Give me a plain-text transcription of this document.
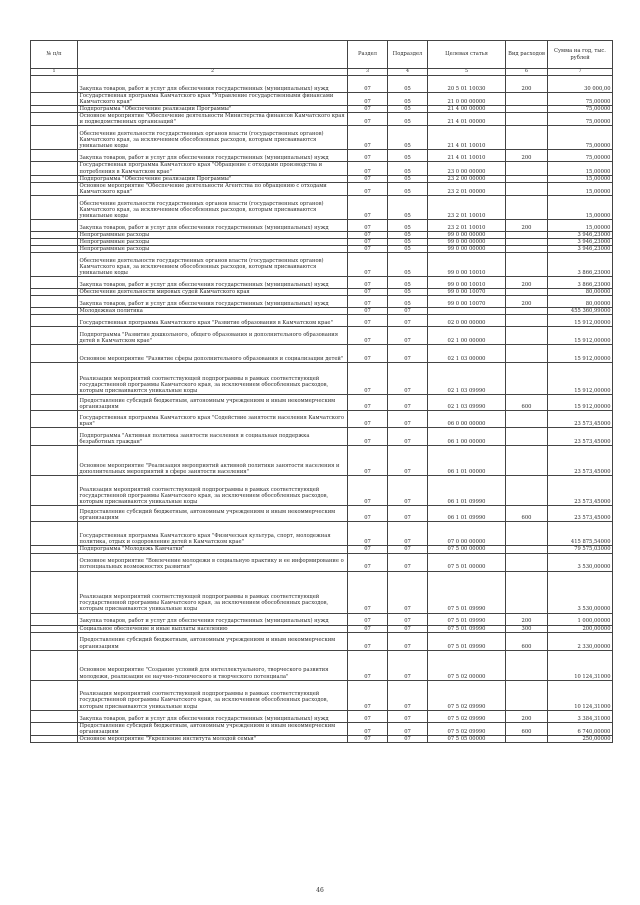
№ п/п		Раздел	Подраздел	Целевая статья	Вид расходов	Сумма на год, тыс. рублей
1	2	3	4	5	6	7
	Закупка товаров, работ и услуг для обеспечения государственных (муниципальных) нужд	07	05	20 5 01 10030	200	30 000,00
	Государственная программа Камчатского края "Управление государственными финансами Камчатского края"	07	05	21 0 00 00000		75,00000
	Подпрограмма "Обеспечение реализации Программы"	07	05	21 4 00 00000		75,00000
	Основное мероприятие "Обеспечение деятельности Министерства финансов Камчатского края и подведомственных организаций"	07	05	21 4 01 00000		75,00000
	Обеспечение деятельности государственных органов власти (государственных органов) Камчатского края, за исключением обособленных расходов, которым присваиваются уникальные коды	07	05	21 4 01 10010		75,00000
	Закупка товаров, работ и услуг для обеспечения государственных (муниципальных) нужд	07	05	21 4 01 10010	200	75,00000
	Государственная программа Камчатского края "Обращение с отходами производства и потребления в Камчатском крае"	07	05	23 0 00 00000		15,00000
	Подпрограмма "Обеспечение реализации Программы"	07	05	23 2 00 00000		15,00000
	Основное мероприятие "Обеспечение деятельности Агентства по обращению с отходами Камчатского края"	07	05	23 2 01 00000		15,00000
	Обеспечение деятельности государственных органов власти (государственных органов) Камчатского края, за исключением обособленных расходов, которым присваиваются уникальные коды	07	05	23 2 01 10010		15,00000
	Закупка товаров, работ и услуг для обеспечения государственных (муниципальных) нужд	07	05	23 2 01 10010	200	15,00000
	Непрограммные расходы	07	05	99 0 00 00000		3 946,23000
	Непрограммные расходы	07	05	99 0 00 00000		3 946,23000
	Непрограммные расходы	07	05	99 0 00 00000		3 946,23000
	Обеспечение деятельности государственных органов власти (государственных органов) Камчатского края, за исключением обособленных расходов, которым присваиваются уникальные коды	07	05	99 0 00 10010		3 866,23000
	Закупка товаров, работ и услуг для обеспечения государственных (муниципальных) нужд	07	05	99 0 00 10010	200	3 866,23000
	Обеспечение деятельности мировых судей Камчатского края	07	05	99 0 00 10070		80,00000
	Закупка товаров, работ и услуг для обеспечения государственных (муниципальных) нужд	07	05	99 0 00 10070	200	80,00000
	Молодежная политика	07	07			455 360,99000
	Государственная программа Камчатского края "Развитие образования в Камчатском крае"	07	07	02 0 00 00000		15 912,00000
	Подпрограмма "Развитие дошкольного, общего образования и дополнительного образования детей в Камчатском крае"	07	07	02 1 00 00000		15 912,00000
	Основное мероприятие "Развитие сферы дополнительного образования и социализации детей"	07	07	02 1 03 00000		15 912,00000
	Реализация мероприятий соответствующей подпрограммы в рамках соответствующей государственной программы Камчатского края, за исключением обособленных расходов, которым присваиваются уникальные коды	07	07	02 1 03 09990		15 912,00000
	Предоставление субсидий бюджетным, автономным учреждениям и иным некоммерческим организациям	07	07	02 1 03 09990	600	15 912,00000
	Государственная программа Камчатского края "Содействие занятости населения Камчатского края"	07	07	06 0 00 00000		23 573,45000
	Подпрограмма "Активная политика занятости населения и социальная поддержка безработных граждан"	07	07	06 1 00 00000		23 573,45000
	Основное мероприятие "Реализация мероприятий активной политики занятости населения и дополнительных мероприятий в сфере занятости населения"	07	07	06 1 01 00000		23 573,45000
	Реализация мероприятий соответствующей подпрограммы в рамках соответствующей государственной программы Камчатского края, за исключением обособленных расходов, которым присваиваются уникальные коды	07	07	06 1 01 09990		23 573,45000
	Предоставление субсидий бюджетным, автономным учреждениям и иным некоммерческим организациям	07	07	06 1 01 09990	600	23 573,45000
	Государственная программа Камчатского края "Физическая культура, спорт, молодежная политика, отдых и оздоровление детей в Камчатском крае"	07	07	07 0 00 00000		415 875,54000
	Подпрограмма "Молодежь Камчатки"	07	07	07 5 00 00000		79 575,03000
	Основное мероприятие "Вовлечение молодежи в социальную практику и ее информирование о потенциальных возможностях развития"	07	07	07 5 01 00000		3 530,00000
	Реализация мероприятий соответствующей подпрограммы в рамках соответствующей государственной программы Камчатского края, за исключением обособленных расходов, которым присваиваются уникальные коды	07	07	07 5 01 09990		3 530,00000
	Закупка товаров, работ и услуг для обеспечения государственных (муниципальных) нужд	07	07	07 5 01 09990	200	1 000,00000
	Социальное обеспечение и иные выплаты населению	07	07	07 5 01 09990	300	200,00000
	Предоставление субсидий бюджетным, автономным учреждениям и иным некоммерческим организациям	07	07	07 5 01 09990	600	2 330,00000
	Основное мероприятие "Создание условий для интеллектуального, творческого развития молодежи, реализации ее научно-технического и творческого потенциала"	07	07	07 5 02 00000		10 124,31000
	Реализация мероприятий соответствующей подпрограммы в рамках соответствующей государственной программы Камчатского края, за исключением обособленных расходов, которым присваиваются уникальные коды	07	07	07 5 02 09990		10 124,31000
	Закупка товаров, работ и услуг для обеспечения государственных (муниципальных) нужд	07	07	07 5 02 09990	200	3 384,31000
	Предоставление субсидий бюджетным, автономным учреждениям и иным некоммерческим организациям	07	07	07 5 02 09990	600	6 740,00000
	Основное мероприятие "Укрепление института молодой семьи"	07	07	07 5 05 00000		250,00000
46
